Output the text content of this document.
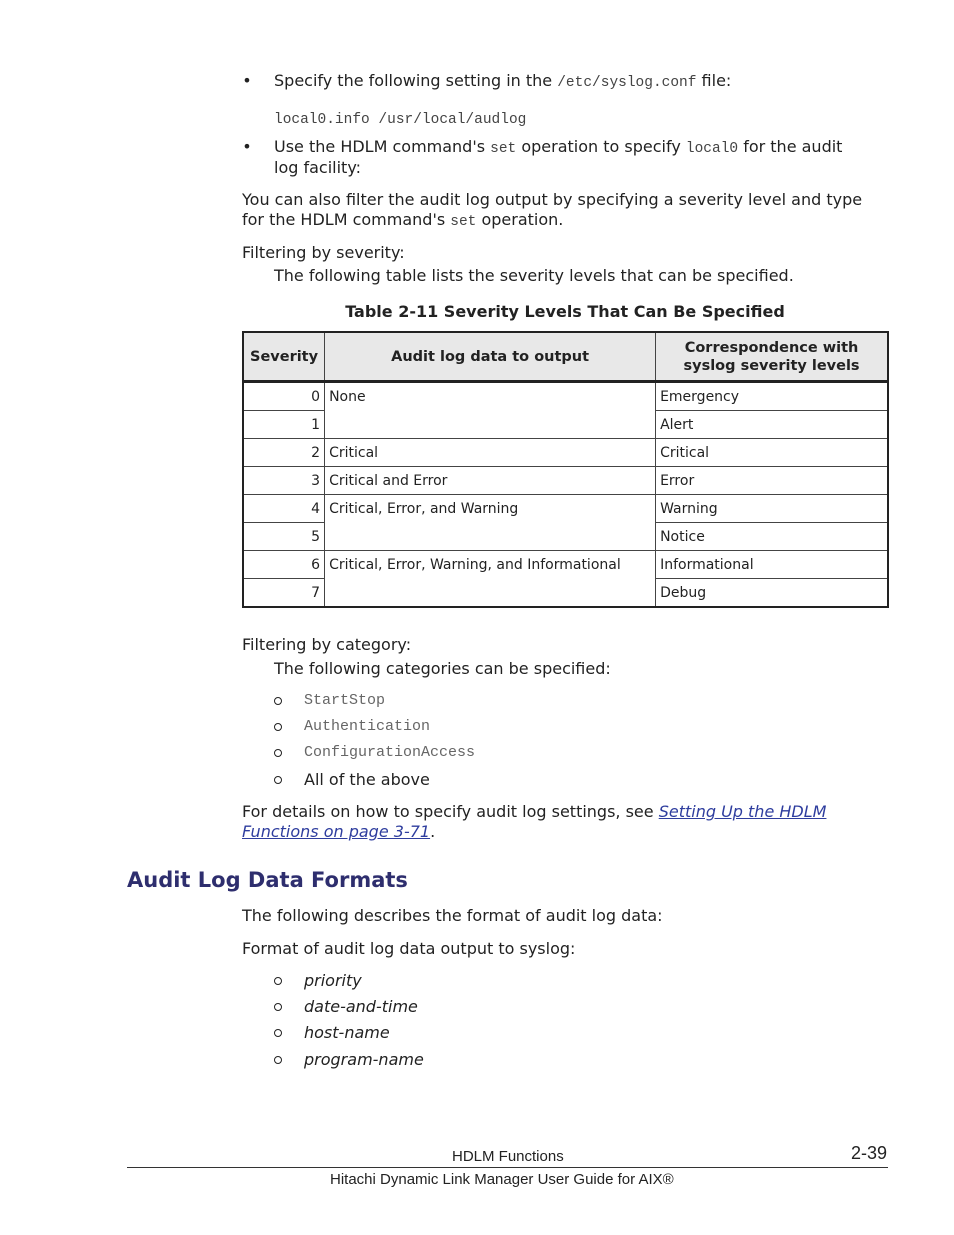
• Specify the following setting in the /etc/syslog.conf file:
local0.info /usr/local/audlog
• Use the HDLM command's set operation to specify local0 for the audit
log facility:
You can also filter the audit log output by specifying a severity level and type
for the HDLM command's set operation.
Filtering by severity:
The following table lists the severity levels that can be specified.
Table 2-11 Severity Levels That Can Be Specified
Severity	Audit log data to output	Correspondence with syslog severity levels
0	None	Emergency
1		Alert
2	Critical	Critical
3	Critical and Error	Error
4	Critical, Error, and Warning	Warning
5		Notice
6	Critical, Error, Warning, and Informational	Informational
7		Debug
Filtering by category:
The following categories can be specified:
StartStop
Authentication
ConfigurationAccess
All of the above
For details on how to specify audit log settings, see Setting Up the HDLM
Functions on page 3-71.
Audit Log Data Formats
The following describes the format of audit log data:
Format of audit log data output to syslog:
priority
date-and-time
host-name
program-name
HDLM Functions	2-39
Hitachi Dynamic Link Manager User Guide for AIX®
